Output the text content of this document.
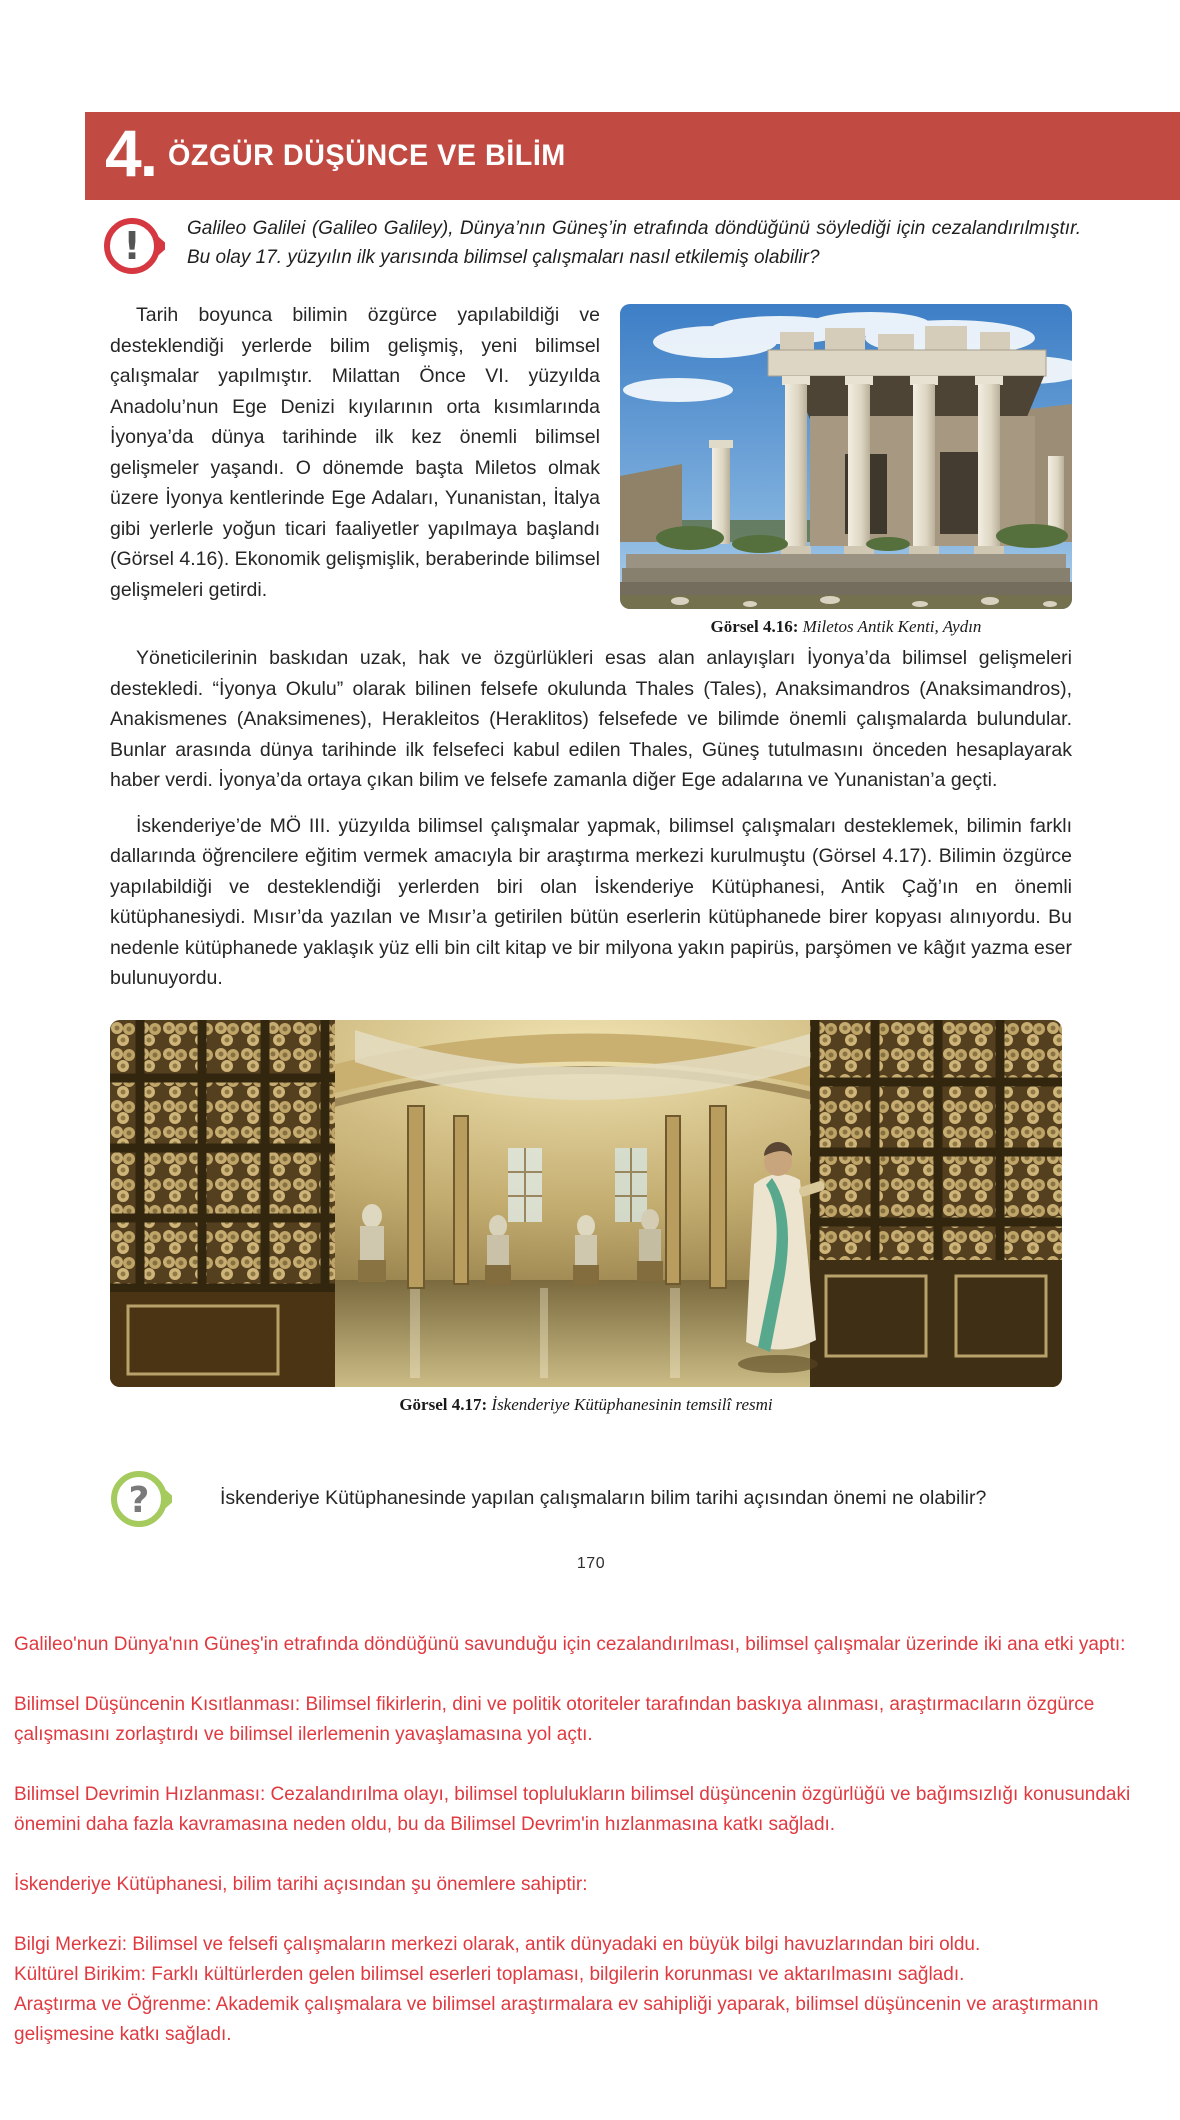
4. ÖZGÜR DÜŞÜNCE VE BİLİM
! Galileo Galilei (Galileo Galiley), Dünya’nın Güneş’in etrafında döndüğünü söylediği için cezalandırılmıştır. Bu olay 17. yüzyılın ilk yarısında bilimsel çalışmaları nasıl etkilemiş olabilir?

Görsel 4.16: Miletos Antik Kenti, Aydın

Tarih boyunca bilimin özgürce yapılabildiği ve desteklendiği yerlerde bilim gelişmiş, yeni bilimsel çalışmalar yapılmıştır. Milattan Önce VI. yüzyılda Anadolu’nun Ege Denizi kıyılarının orta kısımlarında İyonya’da dünya tarihinde ilk kez önemli bilimsel gelişmeler yaşandı. O dönemde başta Miletos olmak üzere İyonya kentlerinde Ege Adaları, Yunanistan, İtalya gibi yerlerle yoğun ticari faaliyetler yapılmaya başlandı (Görsel 4.16). Ekonomik gelişmişlik, beraberinde bilimsel gelişmeleri getirdi.

Yöneticilerinin baskıdan uzak, hak ve özgürlükleri esas alan anlayışları İyonya’da bilimsel gelişmeleri destekledi. “İyonya Okulu” olarak bilinen felsefe okulunda Thales (Tales), Anaksimandros (Anaksimandros), Anakismenes (Anaksimenes), Herakleitos (Heraklitos) felsefede ve bilimde önemli çalışmalarda bulundular. Bunlar arasında dünya tarihinde ilk felsefeci kabul edilen Thales, Güneş tutulmasını önceden hesaplayarak haber verdi. İyonya’da ortaya çıkan bilim ve felsefe zamanla diğer Ege adalarına ve Yunanistan’a geçti.

İskenderiye’de MÖ III. yüzyılda bilimsel çalışmalar yapmak, bilimsel çalışmaları desteklemek, bilimin farklı dallarında öğrencilere eğitim vermek amacıyla bir araştırma merkezi kurulmuştu (Görsel 4.17). Bilimin özgürce yapılabildiği ve desteklendiği yerlerden biri olan İskenderiye Kütüphanesi, Antik Çağ’ın en önemli kütüphanesiydi. Mısır’da yazılan ve Mısır’a getirilen bütün eserlerin kütüphanede birer kopyası alınıyordu. Bu nedenle kütüphanede yaklaşık yüz elli bin cilt kitap ve bir milyona yakın papirüs, parşömen ve kâğıt yazma eser bulunuyordu.

Görsel 4.17: İskenderiye Kütüphanesinin temsilî resmi
?	İskenderiye Kütüphanesinde yapılan çalışmaların bilim tarihi açısından önemi ne olabilir?

170

Galileo'nun Dünya'nın Güneş'in etrafında döndüğünü savunduğu için cezalandırılması, bilimsel çalışmalar üzerinde iki ana etki yaptı:

Bilimsel Düşüncenin Kısıtlanması: Bilimsel fikirlerin, dini ve politik otoriteler tarafından baskıya alınması, araştırmacıların özgürce çalışmasını zorlaştırdı ve bilimsel ilerlemenin yavaşlamasına yol açtı.

Bilimsel Devrimin Hızlanması: Cezalandırılma olayı, bilimsel toplulukların bilimsel düşüncenin özgürlüğü ve bağımsızlığı konusundaki önemini daha fazla kavramasına neden oldu, bu da Bilimsel Devrim'in hızlanmasına katkı sağladı.

İskenderiye Kütüphanesi, bilim tarihi açısından şu önemlere sahiptir:

Bilgi Merkezi: Bilimsel ve felsefi çalışmaların merkezi olarak, antik dünyadaki en büyük bilgi havuzlarından biri oldu.

Kültürel Birikim: Farklı kültürlerden gelen bilimsel eserleri toplaması, bilgilerin korunması ve aktarılmasını sağladı.

Araştırma ve Öğrenme: Akademik çalışmalara ve bilimsel araştırmalara ev sahipliği yaparak, bilimsel düşüncenin ve araştırmanın gelişmesine katkı sağladı.
